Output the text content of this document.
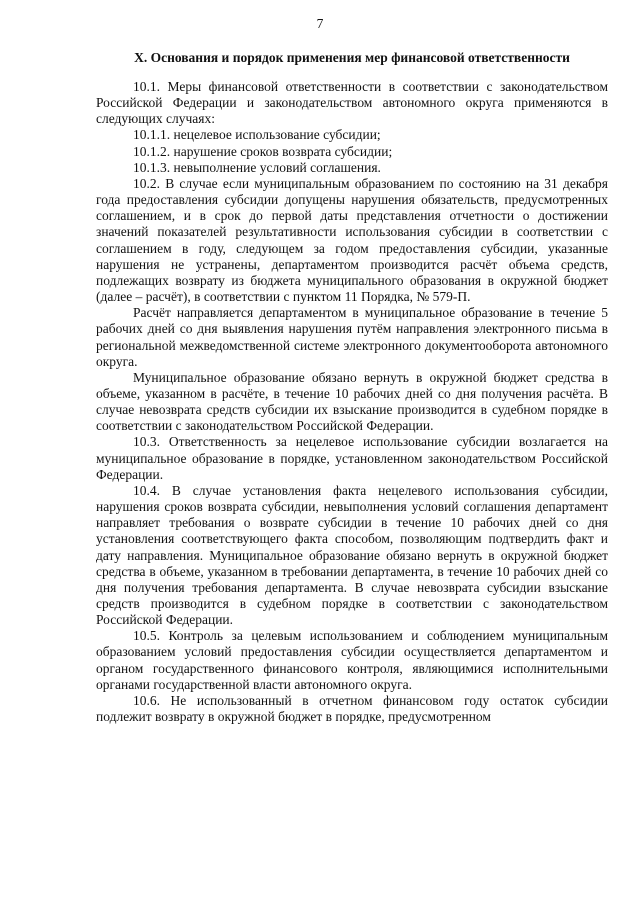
7
X. Основания и порядок применения мер финансовой ответственности

10.1. Меры финансовой ответственности в соответствии с законодательством Российской Федерации и законодательством автономного округа применяются в следующих случаях:

10.1.1. нецелевое использование субсидии;

10.1.2. нарушение сроков возврата субсидии;

10.1.3. невыполнение условий соглашения.

10.2. В случае если муниципальным образованием по состоянию на 31 декабря года предоставления субсидии допущены нарушения обязательств, предусмотренных соглашением, и в срок до первой даты представления отчетности о достижении значений показателей результативности использования субсидии в соответствии с соглашением в году, следующем за годом предоставления субсидии, указанные нарушения не устранены, департаментом производится расчёт объема средств, подлежащих возврату из бюджета муниципального образования в окружной бюджет (далее – расчёт), в соответствии с пунктом 11 Порядка, № 579-П.

Расчёт направляется департаментом в муниципальное образование в течение 5 рабочих дней со дня выявления нарушения путём направления электронного письма в региональной межведомственной системе электронного документооборота автономного округа.

Муниципальное образование обязано вернуть в окружной бюджет средства в объеме, указанном в расчёте, в течение 10 рабочих дней со дня получения расчёта. В случае невозврата средств субсидии их взыскание производится в судебном порядке в соответствии с законодательством Российской Федерации.

10.3. Ответственность за нецелевое использование субсидии возлагается на муниципальное образование в порядке, установленном законодательством Российской Федерации.

10.4. В случае установления факта нецелевого использования субсидии, нарушения сроков возврата субсидии, невыполнения условий соглашения департамент направляет требования о возврате субсидии в течение 10 рабочих дней со дня установления соответствующего факта способом, позволяющим подтвердить факт и дату направления. Муниципальное образование обязано вернуть в окружной бюджет средства в объеме, указанном в требовании департамента, в течение 10 рабочих дней со дня получения требования департамента. В случае невозврата субсидии взыскание средств производится в судебном порядке в соответствии с законодательством Российской Федерации.

10.5. Контроль за целевым использованием и соблюдением муниципальным образованием условий предоставления субсидии осуществляется департаментом и органом государственного финансового контроля, являющимися исполнительными органами государственной власти автономного округа.

10.6. Не использованный в отчетном финансовом году остаток субсидии подлежит возврату в окружной бюджет в порядке, предусмотренном
